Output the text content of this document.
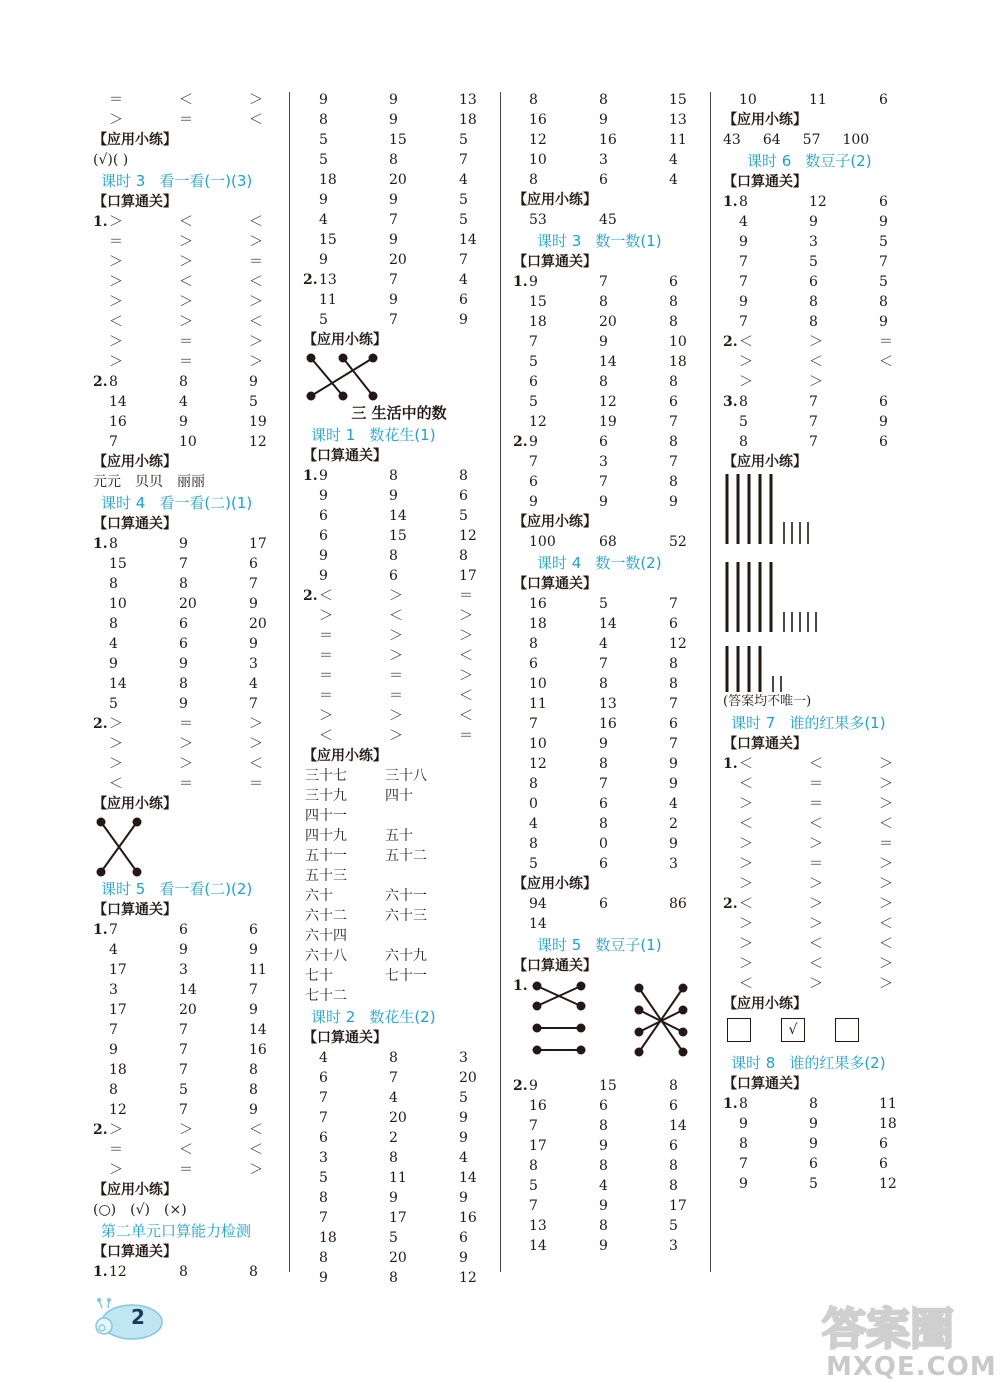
＝	＜	＞
＞	＝	＜
【应用小练】
(√)( )
课时 3 看一看(一)(3)
【口算通关】
1. ＞	＜	＜
＝	＞	＞
＞	＞	＝
＞	＜	＜
＞	＞	＞
＜	＞	＜
＞	＝	＞
＞	＝	＞
2. 8	8	9
14	4	5
16	9	19
7	10	12
【应用小练】
元元 贝贝 丽丽
课时 4 看一看(二)(1)
【口算通关】
1. 8	9	17
15	7	6
8	8	7
10	20	9
8	6	20
4	6	9
9	9	3
14	8	4
5	9	7
2. ＞	＝	＞
＞	＞	＞
＞	＞	＜
＜	＝	＝
【应用小练】
课时 5 看一看(二)(2)
【口算通关】
1. 7	6	6
4	9	9
17	3	11
3	14	7
17	20	9
7	7	14
9	7	16
18	7	8
8	5	8
12	7	9
2. ＞	＞	＜
＝	＜	＜
＞	＝	＞
【应用小练】
(○) (√) (×)
第二单元口算能力检测
【口算通关】
1. 12	8	8
9	9	13
8	9	18
5	15	5
5	8	7
18	20	4
9	9	5
4	7	5
15	9	14
9	20	7
2. 13	7	4
11	9	6
5	7	9
【应用小练】
三 生活中的数
课时 1 数花生(1)
【口算通关】
1. 9	8	8
9	9	6
6	14	5
6	15	12
9	8	8
9	6	17
2. ＜	＞	＝
＞	＜	＞
＝	＞	＞
＝	＞	＜
＝	＝	＞
＝	＝	＜
＞	＞	＜
＜	＞	＝
【应用小练】
三十七	三十八
三十九	四十
四十一
四十九	五十
五十一	五十二
五十三
六十	六十一
六十二	六十三
六十四
六十八	六十九
七十	七十一
七十二
课时 2 数花生(2)
【口算通关】
4	8	3
6	7	20
7	4	5
7	20	9
6	2	9
3	8	4
5	11	14
8	9	9
7	17	16
18	5	6
8	20	9
9	8	12
8	8	15
16	9	13
12	16	11
10	3	4
8	6	4
【应用小练】
53	45
课时 3 数一数(1)
【口算通关】
1. 9	7	6
15	8	8
18	20	8
7	9	10
5	14	18
6	8	8
5	12	6
12	19	7
2. 9	6	8
7	3	7
6	7	8
9	9	9
【应用小练】
100	68	52
课时 4 数一数(2)
【口算通关】
16	5	7
18	14	6
8	4	12
6	7	8
10	8	8
11	13	7
7	16	6
10	9	7
12	8	9
8	7	9
0	6	4
4	8	2
8	0	9
5	6	3
【应用小练】
94	6	86
14
课时 5 数豆子(1)
【口算通关】
1.
2. 9	15	8
16	6	6
7	8	14
17	9	6
8	8	8
5	4	8
7	9	17
13	8	5
14	9	3
10	11	6
【应用小练】
43 64 57 100
课时 6 数豆子(2)
【口算通关】
1. 8	12	6
4	9	9
9	3	5
7	5	7
7	6	5
9	8	8
7	8	9
2. ＜	＞	＝
＞	＜	＜
＞	＞
3. 8	7	6
5	7	9
8	7	6
【应用小练】
(答案均不唯一)
课时 7 谁的红果多(1)
【口算通关】
1. ＜	＜	＞
＜	＝	＞
＞	＝	＞
＜	＜	＜
＞	＞	＝
＞	＝	＞
＞	＞	＞
2. ＜	＞	＞
＞	＞	＜
＞	＜	＜
＞	＜	＞
＜	＞	＞
【应用小练】
√
课时 8 谁的红果多(2)
【口算通关】
1. 8	8	11
9	9	18
8	9	6
7	6	6
9	5	12
2	答案圈
MXQE.COM
